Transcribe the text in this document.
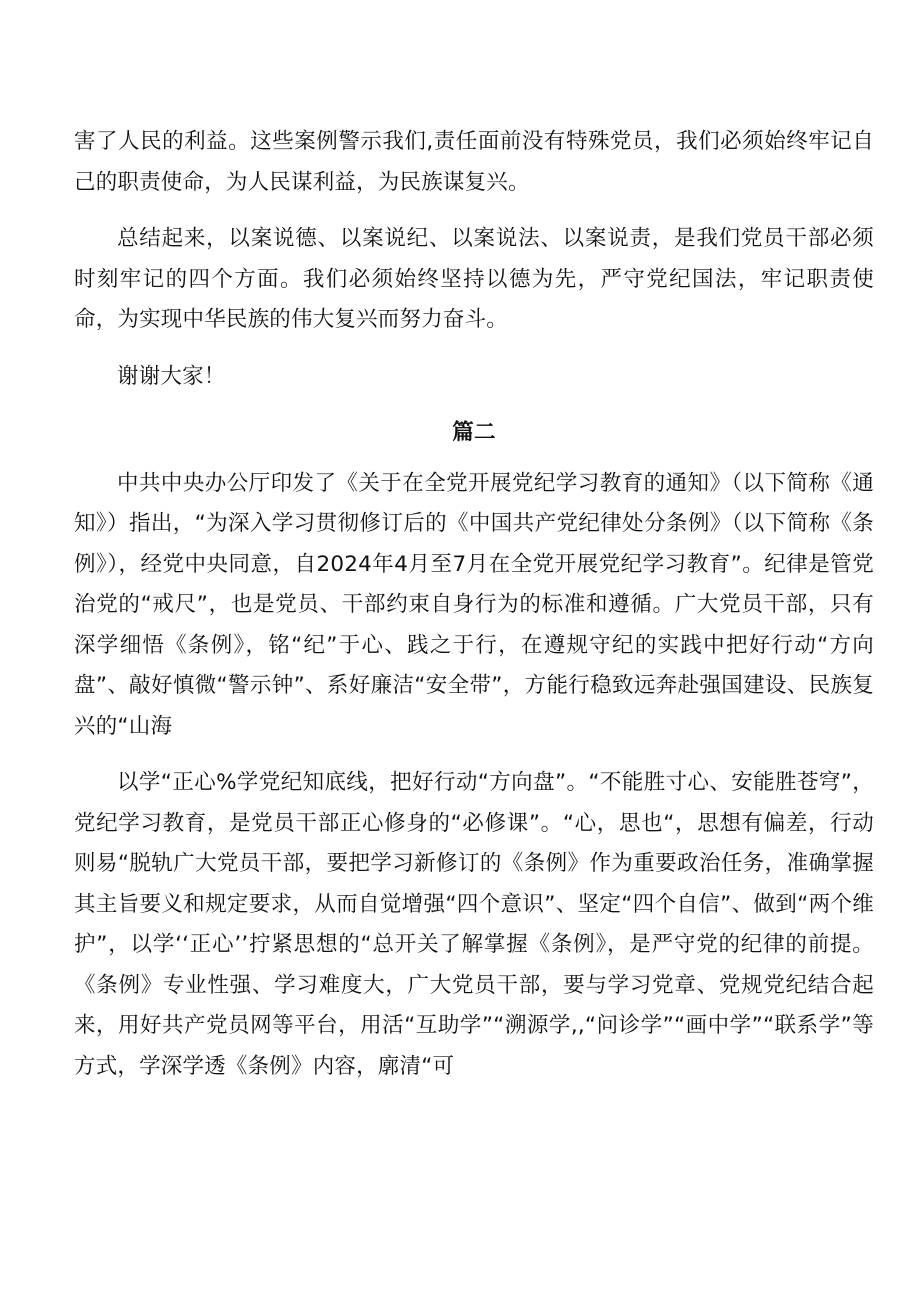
害了人民的利益。这些案例警示我们,责任面前没有特殊党员，我们必须始终牢记自己的职责使命，为人民谋利益，为民族谋复兴。

总结起来，以案说德、以案说纪、以案说法、以案说责，是我们党员干部必须时刻牢记的四个方面。我们必须始终坚持以德为先，严守党纪国法，牢记职责使命，为实现中华民族的伟大复兴而努力奋斗。

谢谢大家！

篇二

中共中央办公厅印发了《关于在全党开展党纪学习教育的通知》（以下简称《通知》）指出，“为深入学习贯彻修订后的《中国共产党纪律处分条例》（以下简称《条例》），经党中央同意，自2024年4月至7月在全党开展党纪学习教育”。纪律是管党治党的“戒尺”，也是党员、干部约束自身行为的标准和遵循。广大党员干部，只有深学细悟《条例》，铭“纪”于心、践之于行，在遵规守纪的实践中把好行动“方向盘”、敲好慎微“警示钟”、系好廉洁“安全带”，方能行稳致远奔赴强国建设、民族复兴的“山海

以学“正心%学党纪知底线，把好行动“方向盘”。“不能胜寸心、安能胜苍穹”，党纪学习教育，是党员干部正心修身的“必修课”。“心，思也“，思想有偏差，行动则易“脱轨广大党员干部，要把学习新修订的《条例》作为重要政治任务，准确掌握其主旨要义和规定要求，从而自觉增强“四个意识”、坚定“四个自信”、做到“两个维护”，以学‘‘正心’’拧紧思想的“总开关了解掌握《条例》，是严守党的纪律的前提。《条例》专业性强、学习难度大，广大党员干部，要与学习党章、党规党纪结合起来，用好共产党员网等平台，用活“互助学”“溯源学,,“问诊学”“画中学”“联系学”等方式，学深学透《条例》内容，廓清“可
